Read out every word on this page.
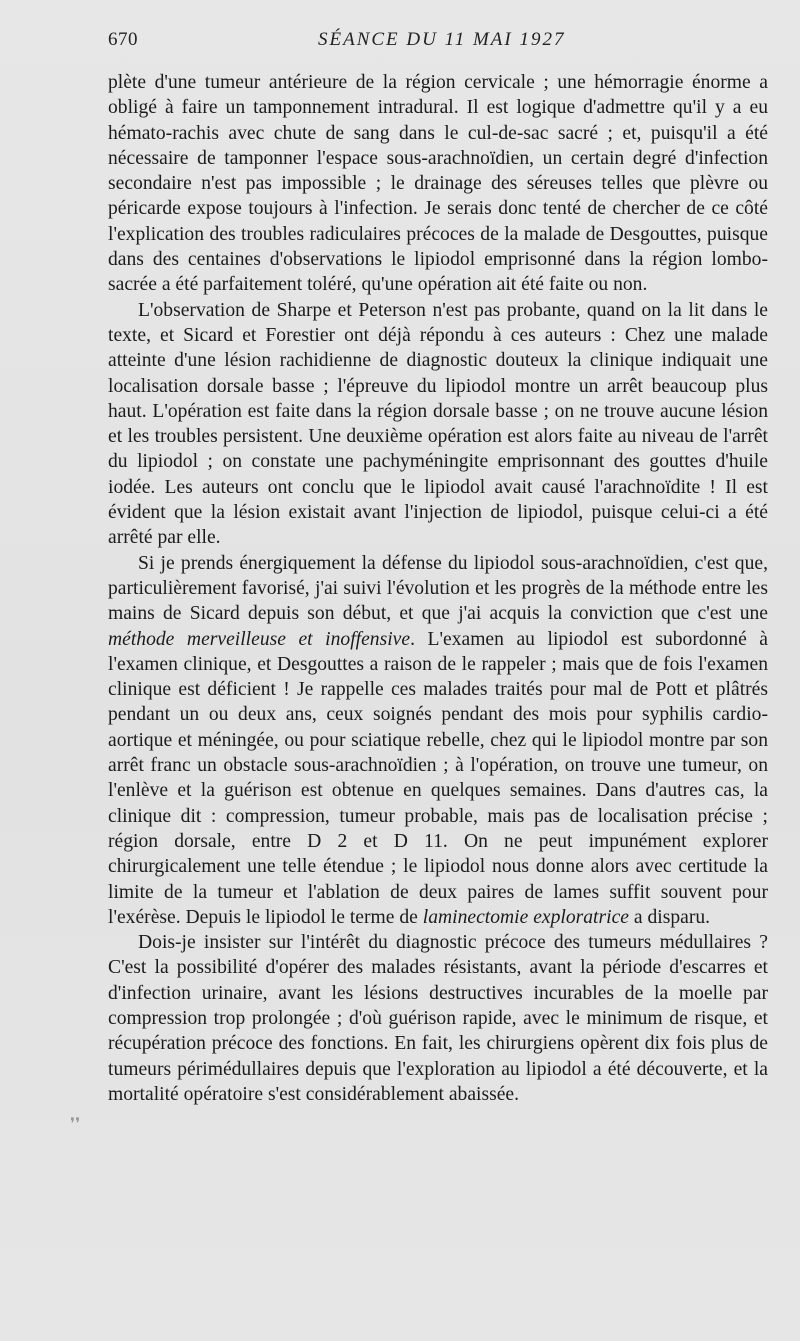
670	SÉANCE DU 11 MAI 1927

plète d'une tumeur antérieure de la région cervicale ; une hémorragie énorme a obligé à faire un tamponnement intradural. Il est logique d'admettre qu'il y a eu hémato-rachis avec chute de sang dans le cul-de-sac sacré ; et, puisqu'il a été nécessaire de tamponner l'espace sous-arachnoïdien, un certain degré d'infection secondaire n'est pas impossible ; le drainage des séreuses telles que plèvre ou péricarde expose toujours à l'infection. Je serais donc tenté de chercher de ce côté l'explication des troubles radiculaires précoces de la malade de Desgouttes, puisque dans des centaines d'observations le lipiodol emprisonné dans la région lombo-sacrée a été parfaitement toléré, qu'une opération ait été faite ou non.

L'observation de Sharpe et Peterson n'est pas probante, quand on la lit dans le texte, et Sicard et Forestier ont déjà répondu à ces auteurs : Chez une malade atteinte d'une lésion rachidienne de diagnostic douteux la clinique indiquait une localisation dorsale basse ; l'épreuve du lipiodol montre un arrêt beaucoup plus haut. L'opération est faite dans la région dorsale basse ; on ne trouve aucune lésion et les troubles persistent. Une deuxième opération est alors faite au niveau de l'arrêt du lipiodol ; on constate une pachyméningite emprisonnant des gouttes d'huile iodée. Les auteurs ont conclu que le lipiodol avait causé l'arachnoïdite ! Il est évident que la lésion existait avant l'injection de lipiodol, puisque celui-ci a été arrêté par elle.

Si je prends énergiquement la défense du lipiodol sous-arachnoïdien, c'est que, particulièrement favorisé, j'ai suivi l'évolution et les progrès de la méthode entre les mains de Sicard depuis son début, et que j'ai acquis la conviction que c'est une méthode merveilleuse et inoffensive. L'examen au lipiodol est subordonné à l'examen clinique, et Desgouttes a raison de le rappeler ; mais que de fois l'examen clinique est déficient ! Je rappelle ces malades traités pour mal de Pott et plâtrés pendant un ou deux ans, ceux soignés pendant des mois pour syphilis cardio-aortique et méningée, ou pour sciatique rebelle, chez qui le lipiodol montre par son arrêt franc un obstacle sous-arachnoïdien ; à l'opération, on trouve une tumeur, on l'enlève et la guérison est obtenue en quelques semaines. Dans d'autres cas, la clinique dit : compression, tumeur probable, mais pas de localisation précise ; région dorsale, entre D 2 et D 11. On ne peut impunément explorer chirurgicalement une telle étendue ; le lipiodol nous donne alors avec certitude la limite de la tumeur et l'ablation de deux paires de lames suffit souvent pour l'exérèse. Depuis le lipiodol le terme de laminectomie exploratrice a disparu.

Dois-je insister sur l'intérêt du diagnostic précoce des tumeurs médullaires ? C'est la possibilité d'opérer des malades résistants, avant la période d'escarres et d'infection urinaire, avant les lésions destructives incurables de la moelle par compression trop prolongée ; d'où guérison rapide, avec le minimum de risque, et récupération précoce des fonctions. En fait, les chirurgiens opèrent dix fois plus de tumeurs périmédullaires depuis que l'exploration au lipiodol a été découverte, et la mortalité opératoire s'est considérablement abaissée.

❜❜
